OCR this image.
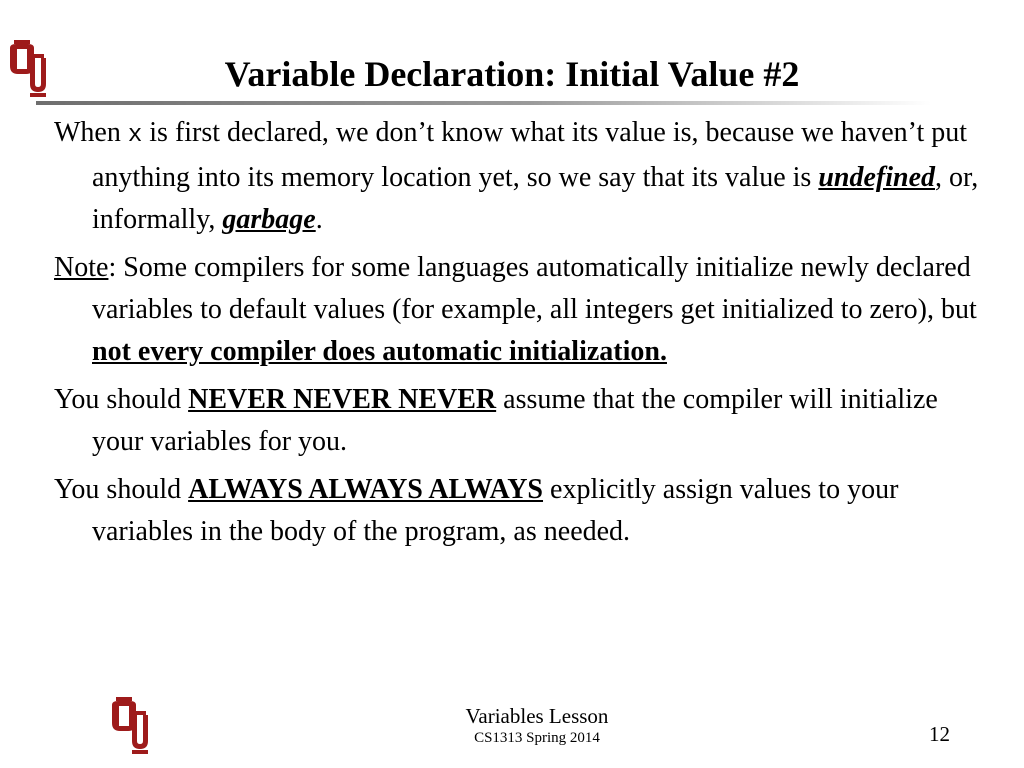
Variable Declaration: Initial Value #2

When x is first declared, we don’t know what its value is, because we haven’t put anything into its memory location yet, so we say that its value is undefined, or, informally, garbage.

Note: Some compilers for some languages automatically initialize newly declared variables to default values (for example, all integers get initialized to zero), but not every compiler does automatic initialization.

You should NEVER NEVER NEVER assume that the compiler will initialize your variables for you.

You should ALWAYS ALWAYS ALWAYS explicitly assign values to your variables in the body of the program, as needed.

Variables Lesson
CS1313 Spring 2014	12
